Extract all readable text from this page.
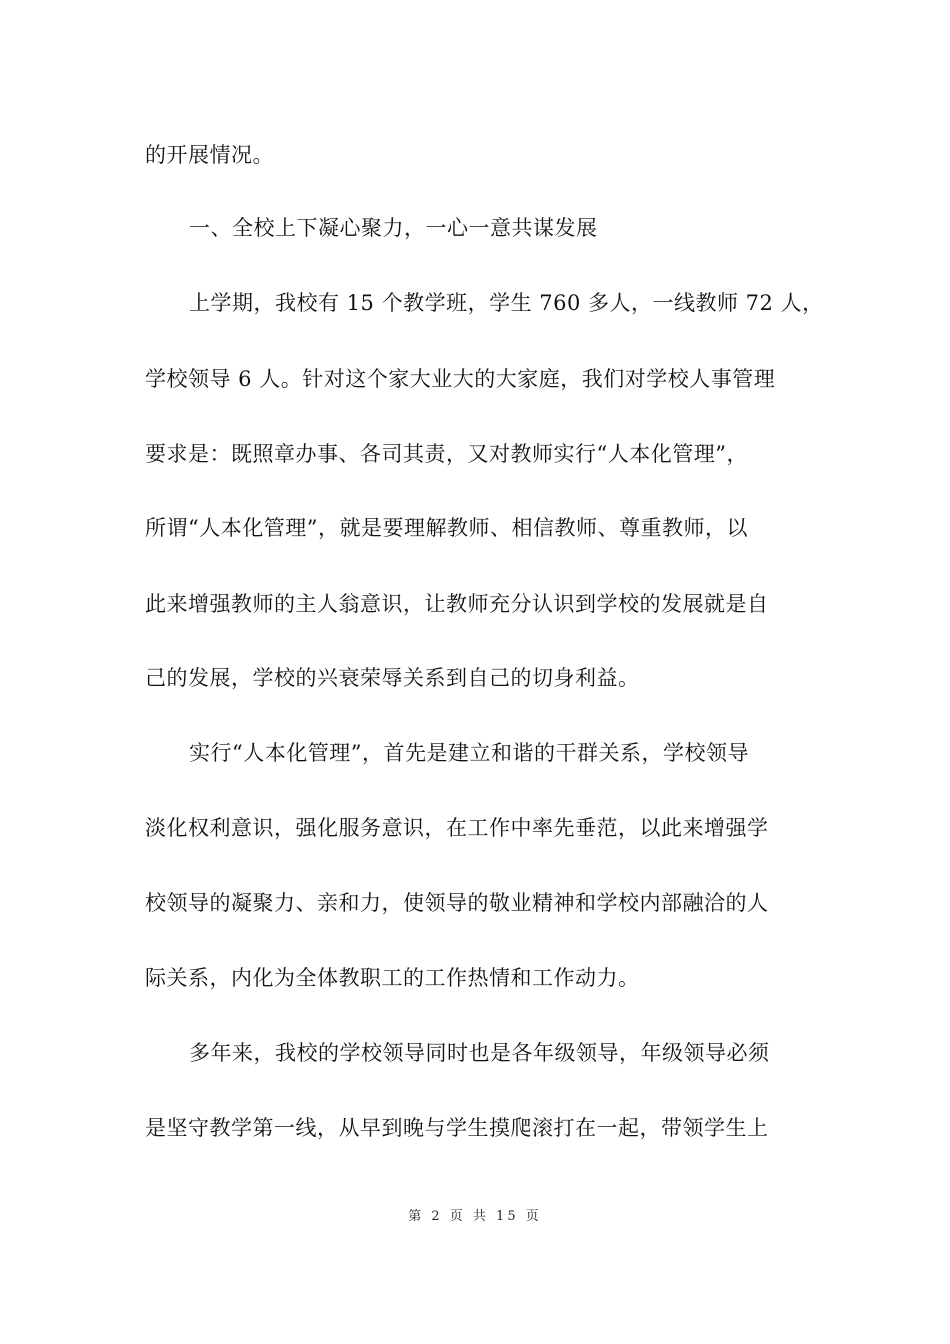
的开展情况。
一、全校上下凝心聚力，一心一意共谋发展
上学期，我校有 15 个教学班，学生 760 多人，一线教师 72 人，
学校领导 6 人。针对这个家大业大的大家庭，我们对学校人事管理
要求是：既照章办事、各司其责，又对教师实行“人本化管理”，
所谓“人本化管理”，就是要理解教师、相信教师、尊重教师，以
此来增强教师的主人翁意识，让教师充分认识到学校的发展就是自
己的发展，学校的兴衰荣辱关系到自己的切身利益。
实行“人本化管理”，首先是建立和谐的干群关系，学校领导
淡化权利意识，强化服务意识，在工作中率先垂范，以此来增强学
校领导的凝聚力、亲和力，使领导的敬业精神和学校内部融洽的人
际关系，内化为全体教职工的工作热情和工作动力。
多年来，我校的学校领导同时也是各年级领导，年级领导必须
是坚守教学第一线，从早到晚与学生摸爬滚打在一起，带领学生上
第 2 页 共 15 页
